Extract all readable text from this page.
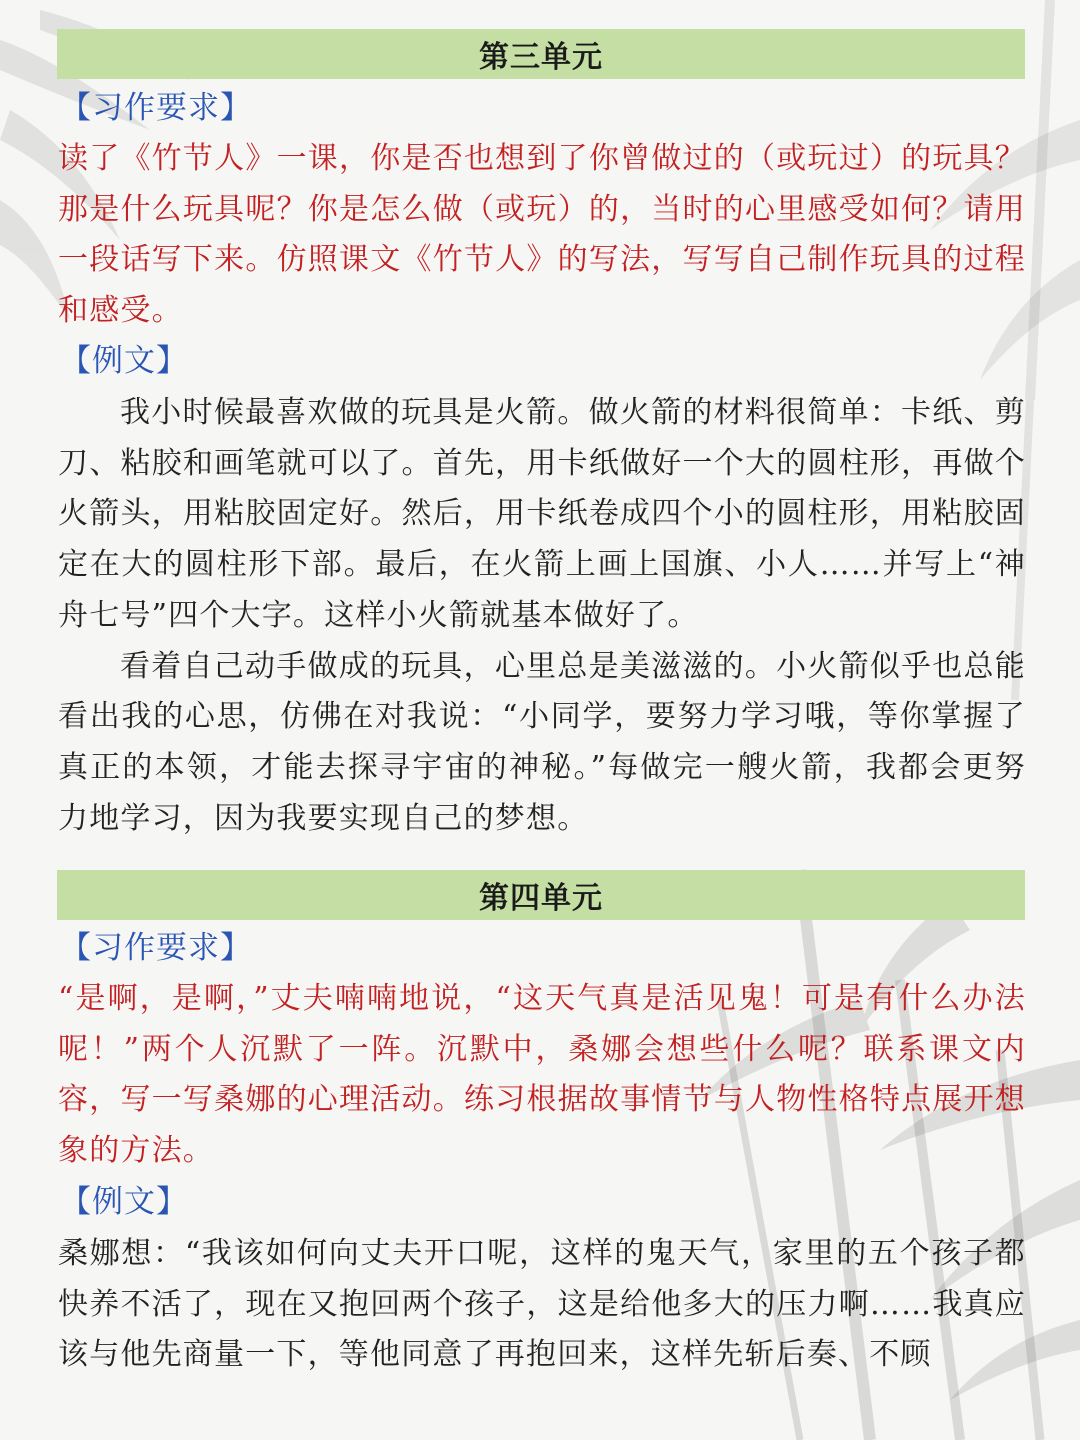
第三单元
【习作要求】

读了《竹节人》一课，你是否也想到了你曾做过的（或玩过）的玩具？那是什么玩具呢？你是怎么做（或玩）的，当时的心里感受如何？请用一段话写下来。仿照课文《竹节人》的写法，写写自己制作玩具的过程和感受。

【例文】

我小时候最喜欢做的玩具是火箭。做火箭的材料很简单：卡纸、剪刀、粘胶和画笔就可以了。首先，用卡纸做好一个大的圆柱形，再做个火箭头，用粘胶固定好。然后，用卡纸卷成四个小的圆柱形，用粘胶固定在大的圆柱形下部。最后，在火箭上画上国旗、小人……并写上“神舟七号”四个大字。这样小火箭就基本做好了。

看着自己动手做成的玩具，心里总是美滋滋的。小火箭似乎也总能看出我的心思，仿佛在对我说：“小同学，要努力学习哦，等你掌握了真正的本领，才能去探寻宇宙的神秘。”每做完一艘火箭，我都会更努力地学习，因为我要实现自己的梦想。

第四单元
【习作要求】

“是啊，是啊，”丈夫喃喃地说，“这天气真是活见鬼！可是有什么办法呢！”两个人沉默了一阵。沉默中，桑娜会想些什么呢？联系课文内容，写一写桑娜的心理活动。练习根据故事情节与人物性格特点展开想象的方法。

【例文】

桑娜想：“我该如何向丈夫开口呢，这样的鬼天气，家里的五个孩子都快养不活了，现在又抱回两个孩子，这是给他多大的压力啊……我真应该与他先商量一下，等他同意了再抱回来，这样先斩后奏、不顾
